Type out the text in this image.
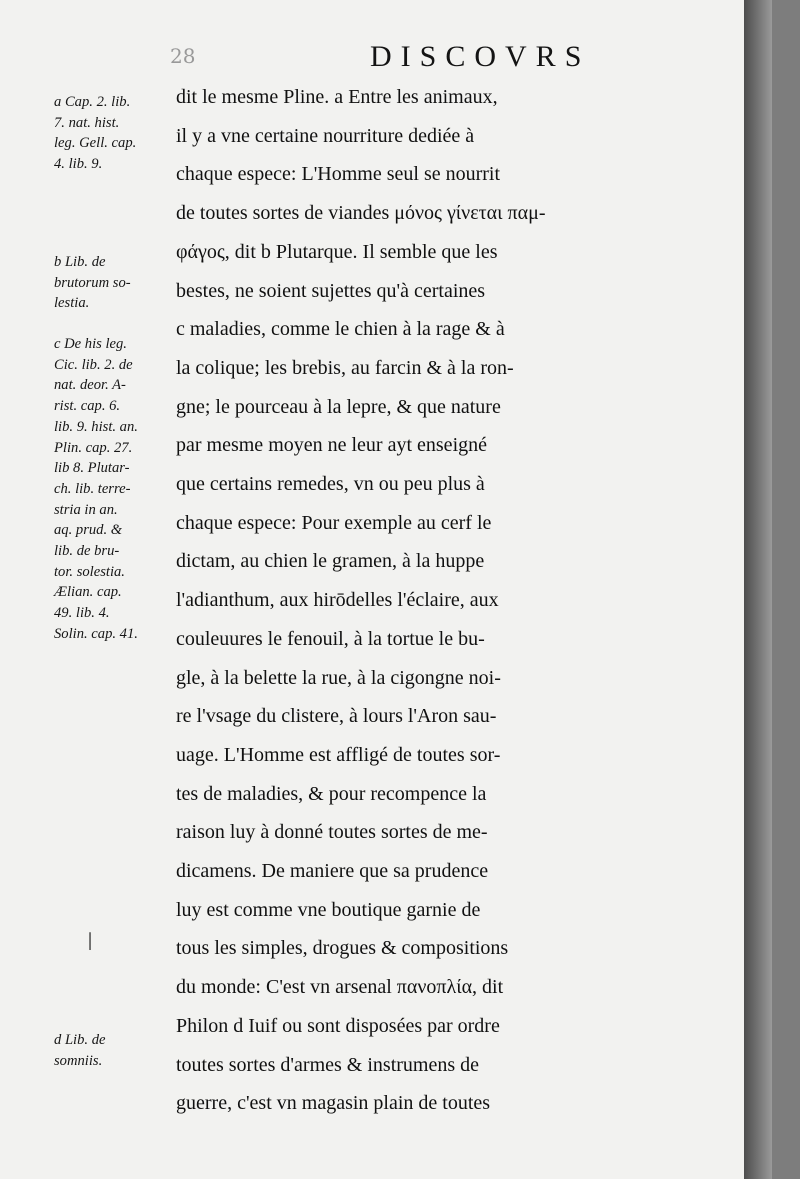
28	DISCOVRS
a Cap. 2. lib.
7. nat. hist.
leg. Gell. cap.
4. lib. 9.
b Lib. de
brutorum so-
lestia.
c De his leg.
Cic. lib. 2. de
nat. deor. A-
rist. cap. 6.
lib. 9. hist. an.
Plin. cap. 27.
lib 8. Plutar-
ch. lib. terre-
stria in an.
aq. prud. &
lib. de bru-
tor. solestia.
Ælian. cap.
49. lib. 4.
Solin. cap. 41.
d Lib. de
somniis.
|
dit le mesme Pline. a Entre les animaux,
il y a vne certaine nourriture dediée à
chaque espece: L'Homme seul se nourrit
de toutes sortes de viandes μόνος γίνεται παμ-
φάγος, dit b Plutarque. Il semble que les
bestes, ne soient sujettes qu'à certaines
c maladies, comme le chien à la rage & à
la colique; les brebis, au farcin & à la ron-
gne; le pourceau à la lepre, & que nature
par mesme moyen ne leur ayt enseigné
que certains remedes, vn ou peu plus à
chaque espece: Pour exemple au cerf le
dictam, au chien le gramen, à la huppe
l'adianthum, aux hirōdelles l'éclaire, aux
couleuures le fenouil, à la tortue le bu-
gle, à la belette la rue, à la cigongne noi-
re l'vsage du clistere, à lours l'Aron sau-
uage. L'Homme est affligé de toutes sor-
tes de maladies, & pour recompence la
raison luy à donné toutes sortes de me-
dicamens. De maniere que sa prudence
luy est comme vne boutique garnie de
tous les simples, drogues & compositions
du monde: C'est vn arsenal πανοπλία, dit
Philon d Iuif ou sont disposées par ordre
toutes sortes d'armes & instrumens de
guerre, c'est vn magasin plain de toutes
